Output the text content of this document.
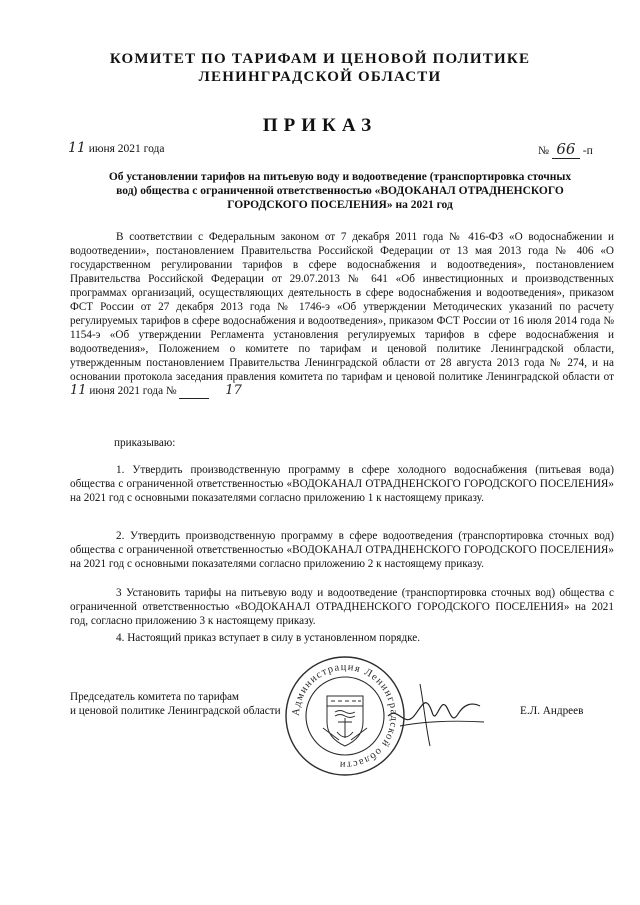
КОМИТЕТ ПО ТАРИФАМ И ЦЕНОВОЙ ПОЛИТИКЕ
ЛЕНИНГРАДСКОЙ ОБЛАСТИ
ПРИКАЗ
11 июня 2021 года	№ 66 -п
Об установлении тарифов на питьевую воду и водоотведение (транспортировка сточных
вод) общества с ограниченной ответственностью «ВОДОКАНАЛ ОТРАДНЕНСКОГО
ГОРОДСКОГО ПОСЕЛЕНИЯ» на 2021 год
В соответствии с Федеральным законом от 7 декабря 2011 года № 416-ФЗ «О водоснабжении и водоотведении», постановлением Правительства Российской Федерации от 13 мая 2013 года № 406 «О государственном регулировании тарифов в сфере водоснабжения и водоотведения», постановлением Правительства Российской Федерации от 29.07.2013 № 641 «Об инвестиционных и производственных программах организаций, осуществляющих деятельность в сфере водоснабжения и водоотведения», приказом ФСТ России от 27 декабря 2013 года № 1746-э «Об утверждении Методических указаний по расчету регулируемых тарифов в сфере водоснабжения и водоотведения», приказом ФСТ России от 16 июля 2014 года № 1154-э «Об утверждении Регламента установления регулируемых тарифов в сфере водоснабжения и водоотведения», Положением о комитете по тарифам и ценовой политике Ленинградской области, утвержденным постановлением Правительства Ленинградской области от 28 августа 2013 года № 274, и на основании протокола заседания правления комитета по тарифам и ценовой политике Ленинградской области от 11 июня 2021 года №	17
приказываю:
1. Утвердить производственную программу в сфере холодного водоснабжения (питьевая вода) общества с ограниченной ответственностью «ВОДОКАНАЛ ОТРАДНЕНСКОГО ГОРОДСКОГО ПОСЕЛЕНИЯ» на 2021 год с основными показателями согласно приложению 1 к настоящему приказу.
2. Утвердить производственную программу в сфере водоотведения (транспортировка сточных вод) общества с ограниченной ответственностью «ВОДОКАНАЛ ОТРАДНЕНСКОГО ГОРОДСКОГО ПОСЕЛЕНИЯ» на 2021 год с основными показателями согласно приложению 2 к настоящему приказу.
3 Установить тарифы на питьевую воду и водоотведение (транспортировка сточных вод) общества с ограниченной ответственностью «ВОДОКАНАЛ ОТРАДНЕНСКОГО ГОРОДСКОГО ПОСЕЛЕНИЯ» на 2021 год, согласно приложению 3 к настоящему приказу.
4. Настоящий приказ вступает в силу в установленном порядке.
Председатель комитета по тарифам
и ценовой политике Ленинградской области	Е.Л. Андреев
Администрация Ленинградской области
